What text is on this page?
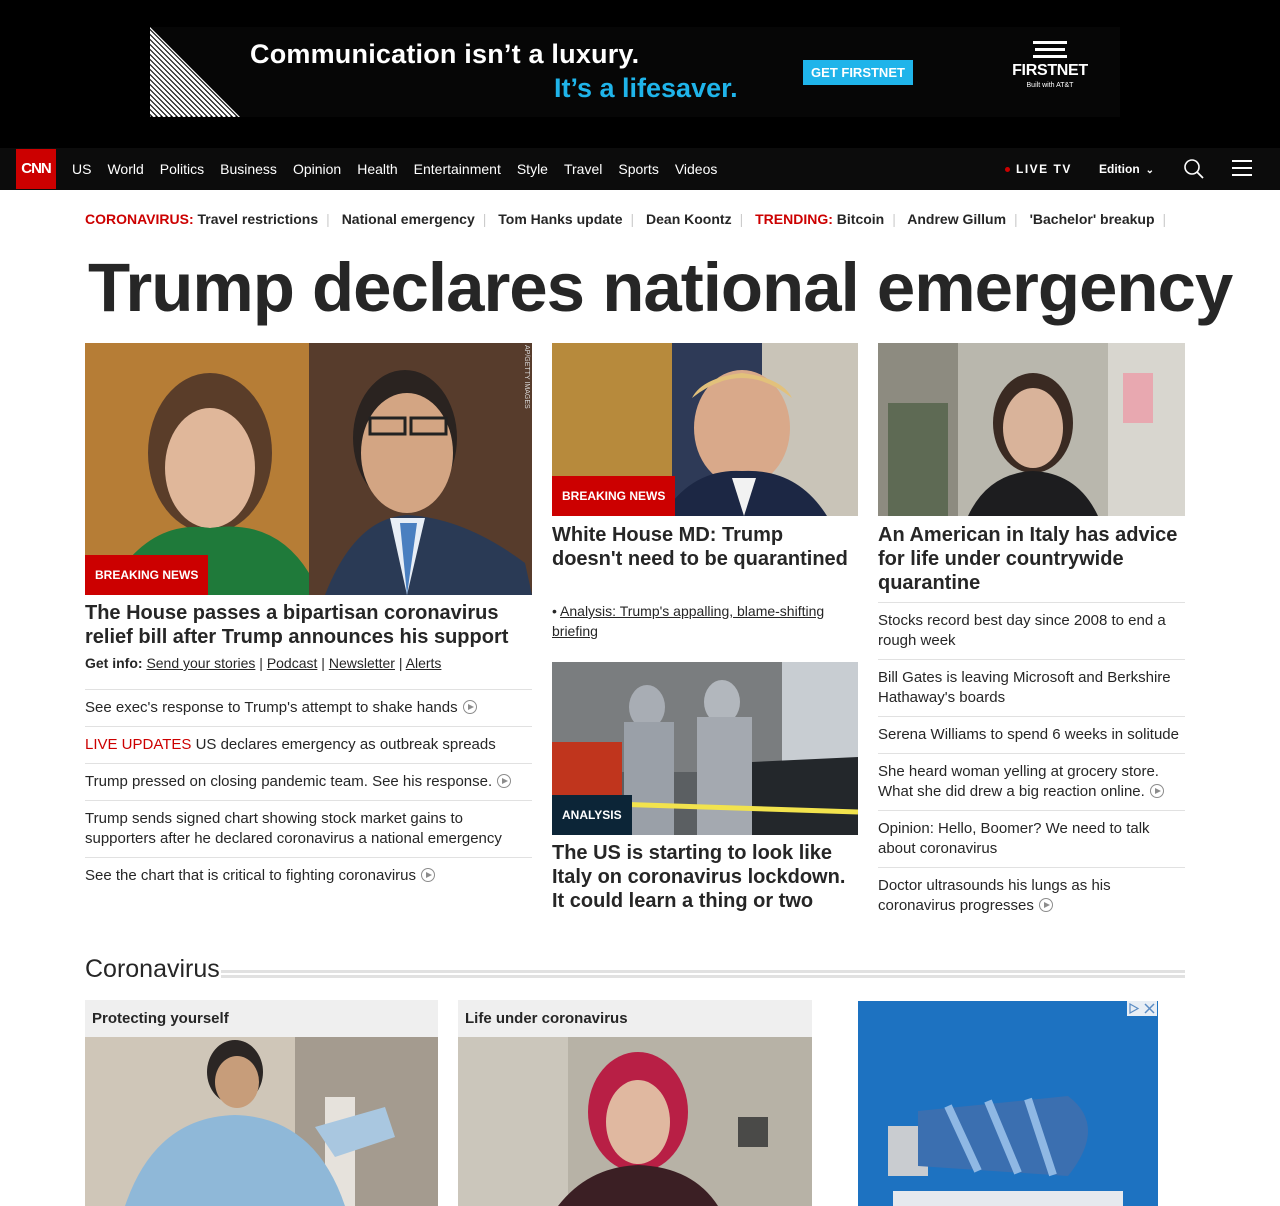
Communication isn’t a luxury.
It’s a lifesaver.
GET FIRSTNET	FIRSTNET
Built with AT&T
CNN	US World Politics Business Opinion Health Entertainment Style Travel Sports Videos	LIVE TV Edition ⌄
CORONAVIRUS: Travel restrictions | National emergency | Tom Hanks update | Dean Koontz | TRENDING: Bitcoin | Andrew Gillum | 'Bachelor' breakup |
Trump declares national emergency
AP/GETTY IMAGES
BREAKING NEWS
The House passes a bipartisan coronavirus relief bill after Trump announces his support
Get info: Send your stories | Podcast | Newsletter | Alerts
See exec's response to Trump's attempt to shake hands
LIVE UPDATES US declares emergency as outbreak spreads
Trump pressed on closing pandemic team. See his response.
Trump sends signed chart showing stock market gains to supporters after he declared coronavirus a national emergency
See the chart that is critical to fighting coronavirus
BREAKING NEWS
White House MD: Trump doesn't need to be quarantined
• Analysis: Trump's appalling, blame-shifting briefing
ANALYSIS
The US is starting to look like Italy on coronavirus lockdown. It could learn a thing or two
An American in Italy has advice for life under countrywide quarantine
Stocks record best day since 2008 to end a rough week
Bill Gates is leaving Microsoft and Berkshire Hathaway's boards
Serena Williams to spend 6 weeks in solitude
She heard woman yelling at grocery store. What she did drew a big reaction online.
Opinion: Hello, Boomer? We need to talk about coronavirus
Doctor ultrasounds his lungs as his coronavirus progresses
Coronavirus
Protecting yourself	Life under coronavirus
